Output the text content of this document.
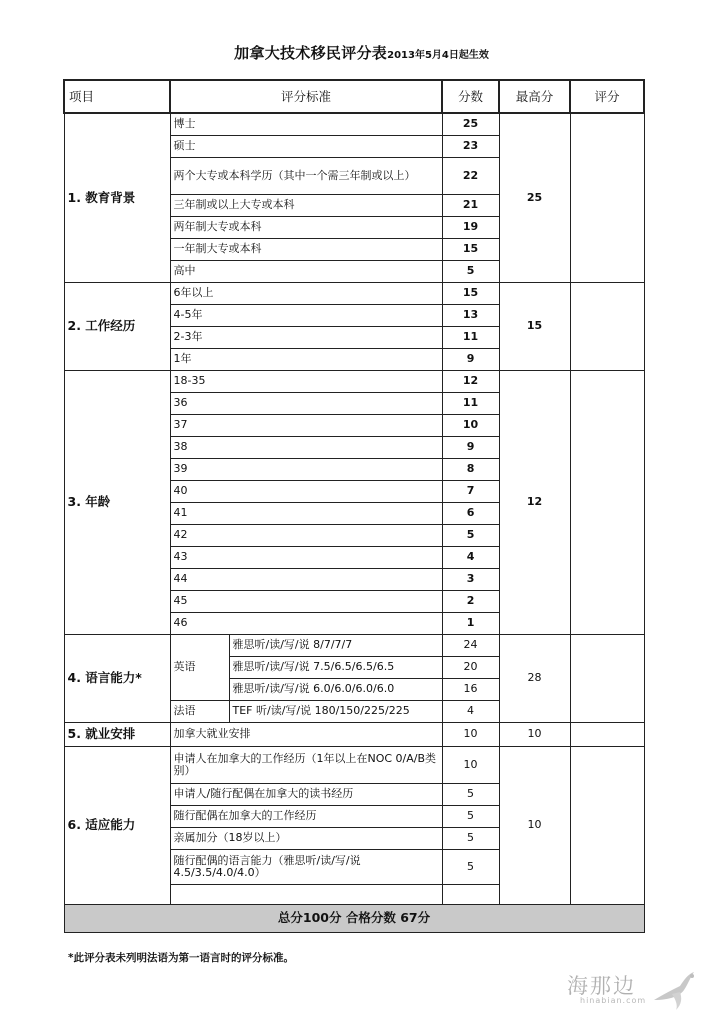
加拿大技术移民评分表2013年5月4日起生效
项目	评分标准		分数	最高分	评分
1. 教育背景	博士		25	25	
	硕士		23		
	两个大专或本科学历（其中一个需三年制或以上）		22		
	三年制或以上大专或本科		21		
	两年制大专或本科		19		
	一年制大专或本科		15		
	高中		5		
2. 工作经历	6年以上		15	15	
	4-5年		13		
	2-3年		11		
	1年		9		
3. 年龄	18-35		12	12	
	36		11		
	37		10		
	38		9		
	39		8		
	40		7		
	41		6		
	42		5		
	43		4		
	44		3		
	45		2		
	46		1		
4. 语言能力*	英语	雅思听/读/写/说 8/7/7/7	24	28	
		雅思听/读/写/说 7.5/6.5/6.5/6.5	20		
		雅思听/读/写/说 6.0/6.0/6.0/6.0	16		
	法语	TEF 听/读/写/说 180/150/225/225	4		
5. 就业安排	加拿大就业安排		10	10	
6. 适应能力	申请人在加拿大的工作经历（1年以上在NOC 0/A/B类别）		10	10	
	申请人/随行配偶在加拿大的读书经历		5		
	随行配偶在加拿大的工作经历		5		
	亲属加分（18岁以上）		5		
	随行配偶的语言能力（雅思听/读/写/说 4.5/3.5/4.0/4.0）		5		

总分100分 合格分数 67分					
*此评分表未列明法语为第一语言时的评分标准。
海那边
hinabian.com
